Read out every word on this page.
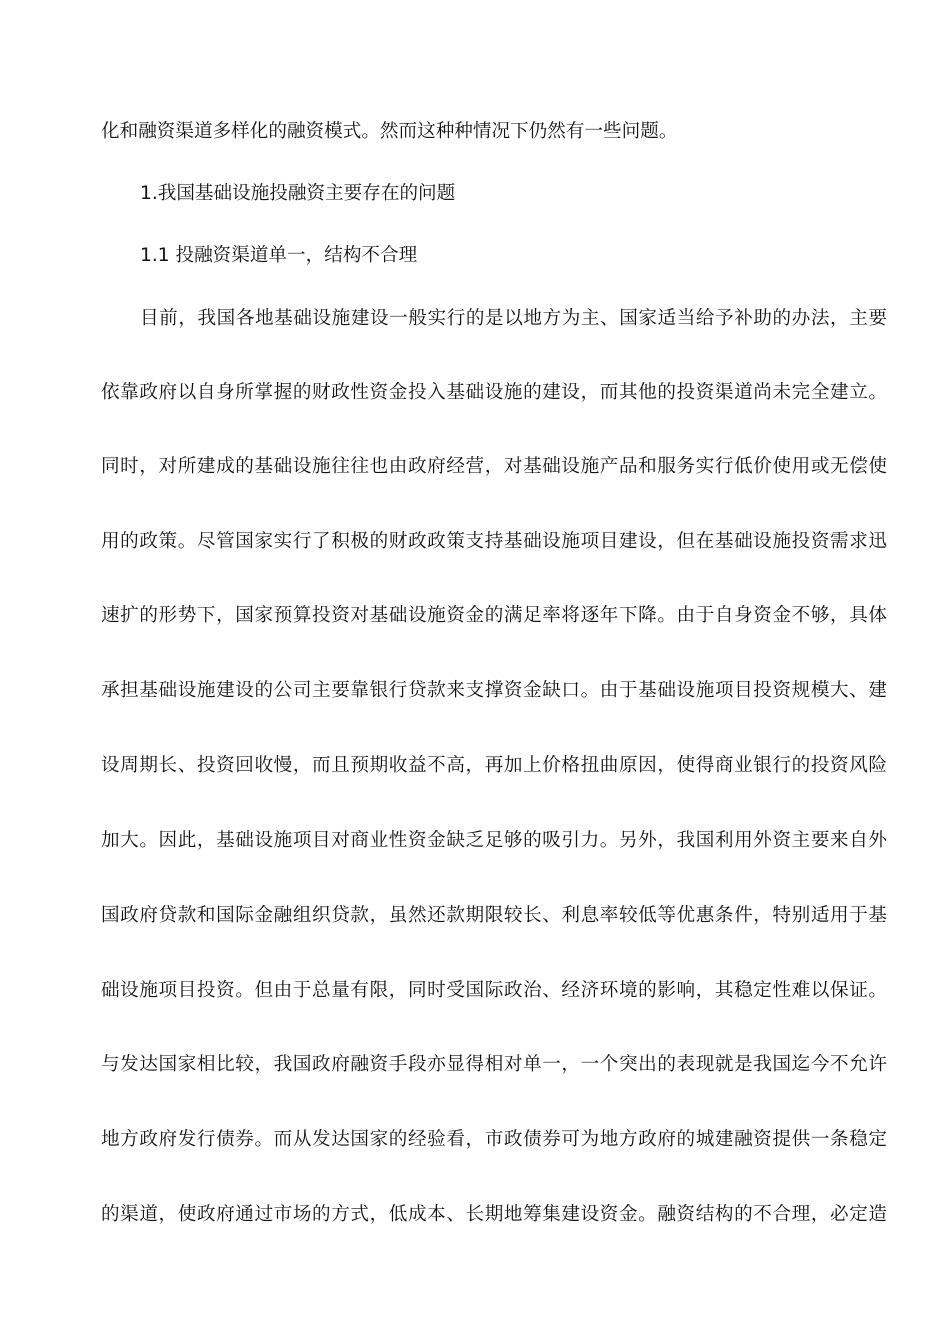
化和融资渠道多样化的融资模式。然而这种种情况下仍然有一些问题。
1.我国基础设施投融资主要存在的问题
1.1 投融资渠道单一，结构不合理
目前，我国各地基础设施建设一般实行的是以地方为主、国家适当给予补助的办法，主要
依靠政府以自身所掌握的财政性资金投入基础设施的建设，而其他的投资渠道尚未完全建立。
同时，对所建成的基础设施往往也由政府经营，对基础设施产品和服务实行低价使用或无偿使
用的政策。尽管国家实行了积极的财政政策支持基础设施项目建设，但在基础设施投资需求迅
速扩的形势下，国家预算投资对基础设施资金的满足率将逐年下降。由于自身资金不够，具体
承担基础设施建设的公司主要靠银行贷款来支撑资金缺口。由于基础设施项目投资规模大、建
设周期长、投资回收慢，而且预期收益不高，再加上价格扭曲原因，使得商业银行的投资风险
加大。因此，基础设施项目对商业性资金缺乏足够的吸引力。另外，我国利用外资主要来自外
国政府贷款和国际金融组织贷款，虽然还款期限较长、利息率较低等优惠条件，特别适用于基
础设施项目投资。但由于总量有限，同时受国际政治、经济环境的影响，其稳定性难以保证。
与发达国家相比较，我国政府融资手段亦显得相对单一，一个突出的表现就是我国迄今不允许
地方政府发行债券。而从发达国家的经验看，市政债券可为地方政府的城建融资提供一条稳定
的渠道，使政府通过市场的方式，低成本、长期地筹集建设资金。融资结构的不合理，必定造
